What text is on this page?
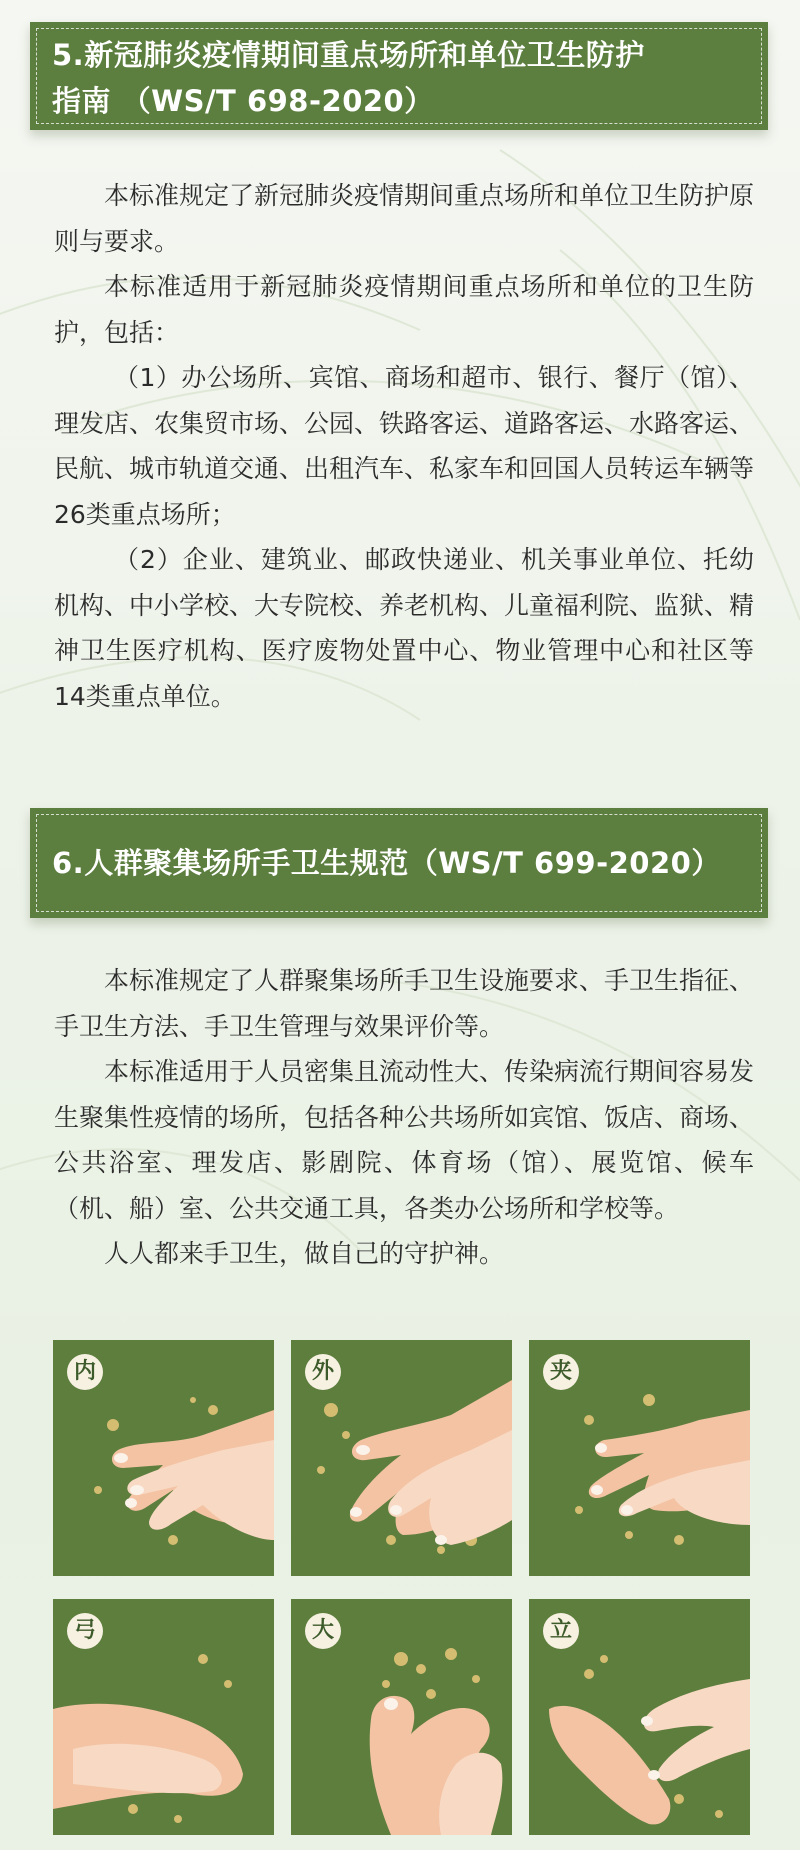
5.新冠肺炎疫情期间重点场所和单位卫生防护
指南 （WS/T 698-2020）

本标准规定了新冠肺炎疫情期间重点场所和单位卫生防护原则与要求。

本标准适用于新冠肺炎疫情期间重点场所和单位的卫生防护，包括：

（1）办公场所、宾馆、商场和超市、银行、餐厅（馆）、理发店、农集贸市场、公园、铁路客运、道路客运、水路客运、民航、城市轨道交通、出租汽车、私家车和回国人员转运车辆等26类重点场所；

（2）企业、建筑业、邮政快递业、机关事业单位、托幼机构、中小学校、大专院校、养老机构、儿童福利院、监狱、精神卫生医疗机构、医疗废物处置中心、物业管理中心和社区等14类重点单位。

6.人群聚集场所手卫生规范（WS/T 699-2020）

本标准规定了人群聚集场所手卫生设施要求、手卫生指征、手卫生方法、手卫生管理与效果评价等。

本标准适用于人员密集且流动性大、传染病流行期间容易发生聚集性疫情的场所，包括各种公共场所如宾馆、饭店、商场、公共浴室、理发店、影剧院、体育场（馆）、展览馆、候车（机、船）室、公共交通工具，各类办公场所和学校等。

人人都来手卫生，做自己的守护神。

内	外	夹
弓	大	立
